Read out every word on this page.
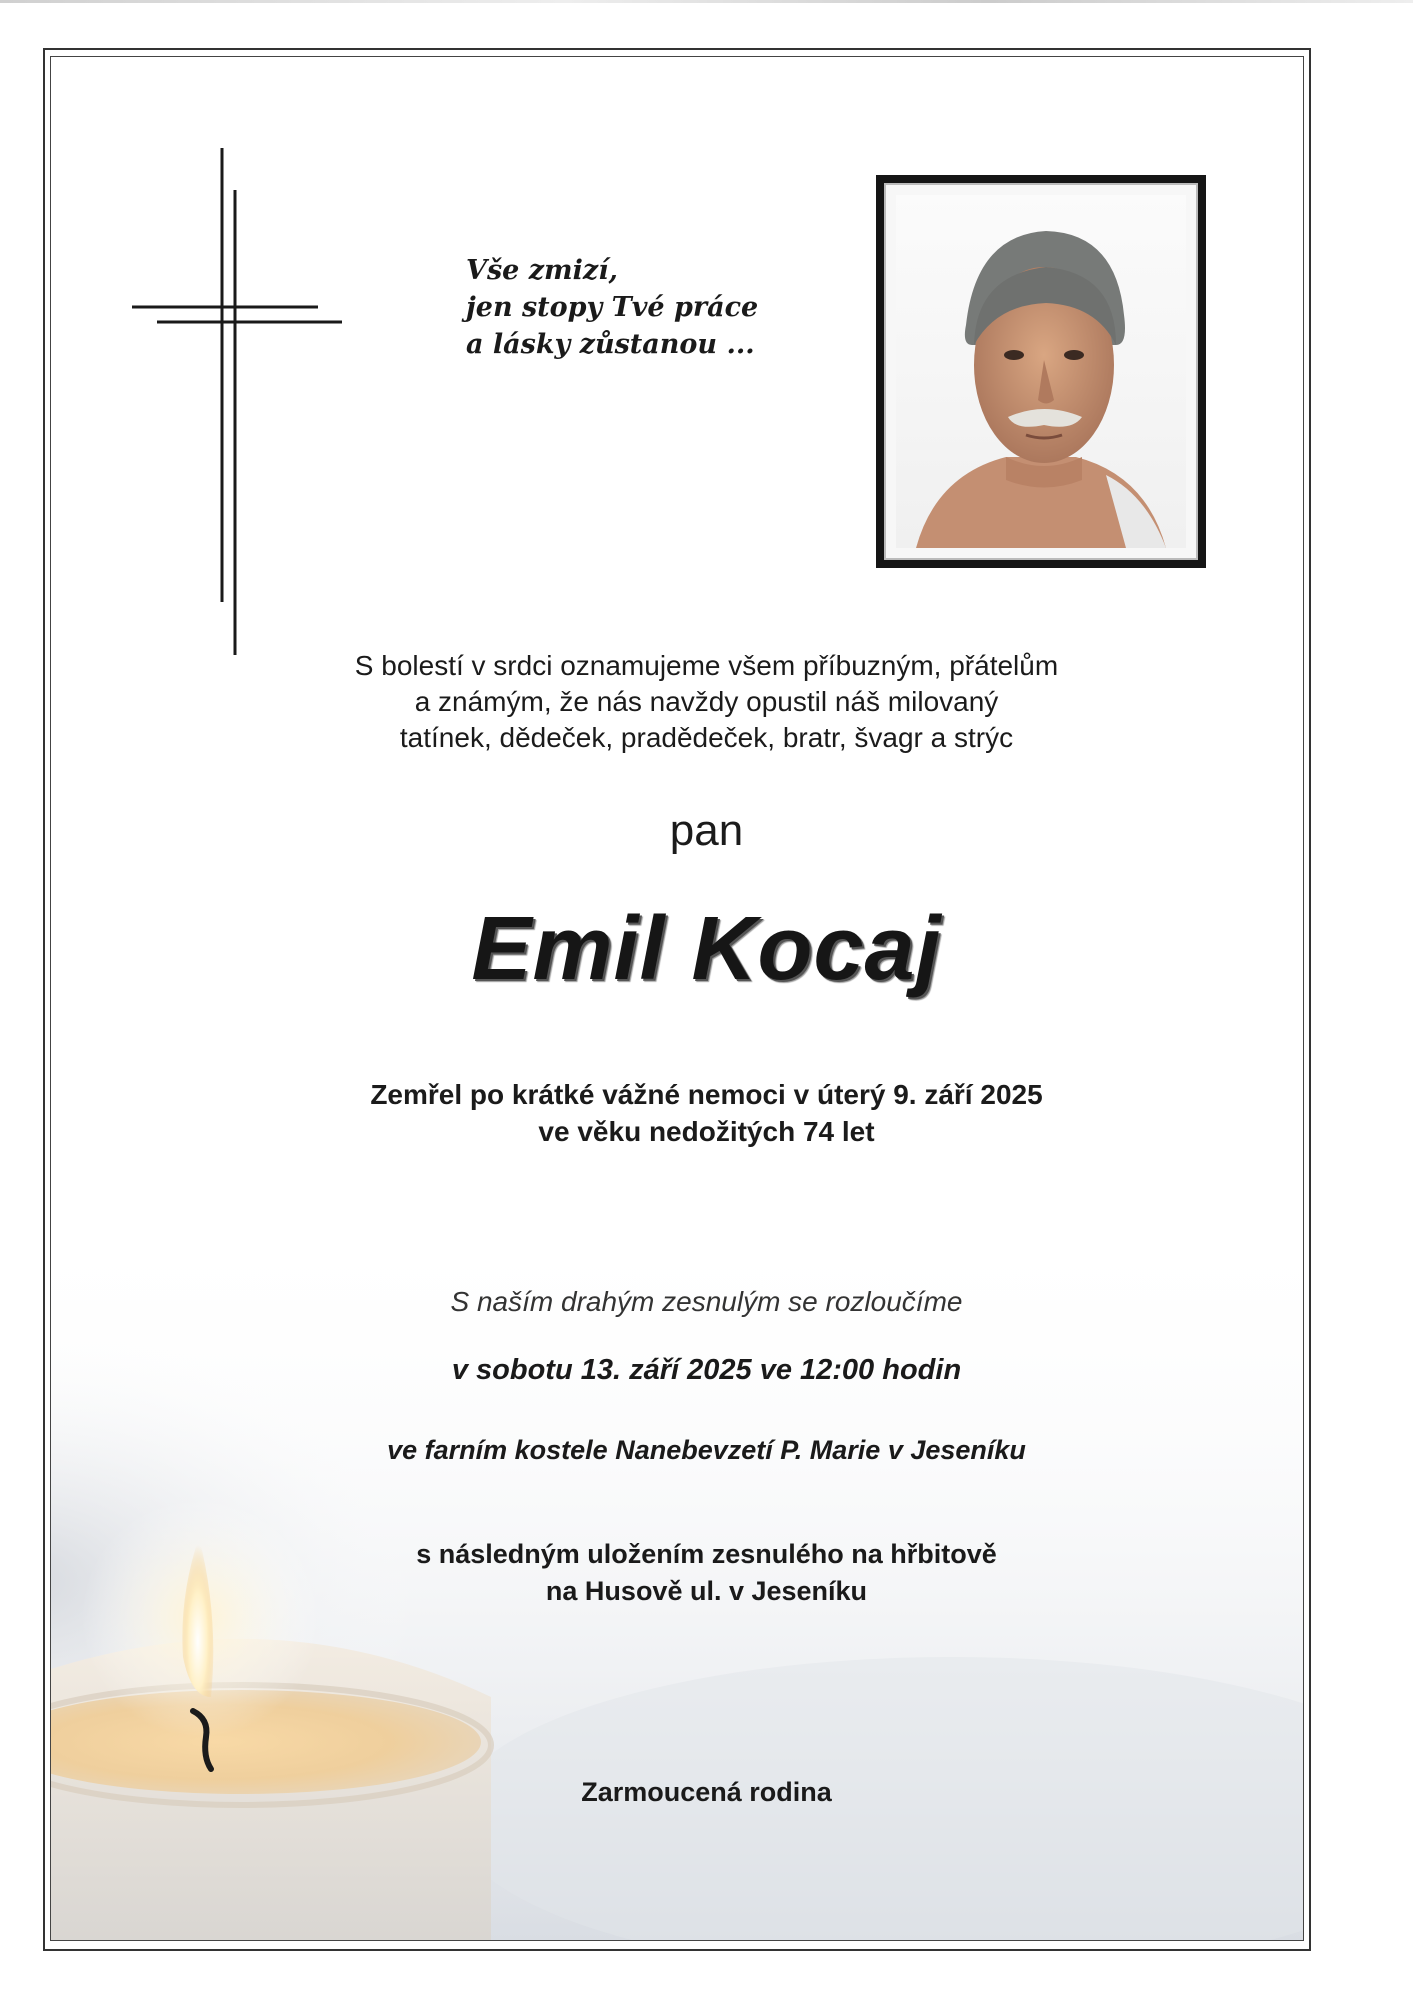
Vše zmizí,
jen stopy Tvé práce
a lásky zůstanou ...
S bolestí v srdci oznamujeme všem příbuzným, přátelům
a známým, že nás navždy opustil náš milovaný
tatínek, dědeček, pradědeček, bratr, švagr a strýc
pan
Emil Kocaj
Zemřel po krátké vážné nemoci v úterý 9. září 2025
ve věku nedožitých 74 let
S naším drahým zesnulým se rozloučíme
v sobotu 13. září 2025 ve 12:00 hodin
ve farním kostele Nanebevzetí P. Marie v Jeseníku
s následným uložením zesnulého na hřbitově
na Husově ul. v Jeseníku
Zarmoucená rodina
